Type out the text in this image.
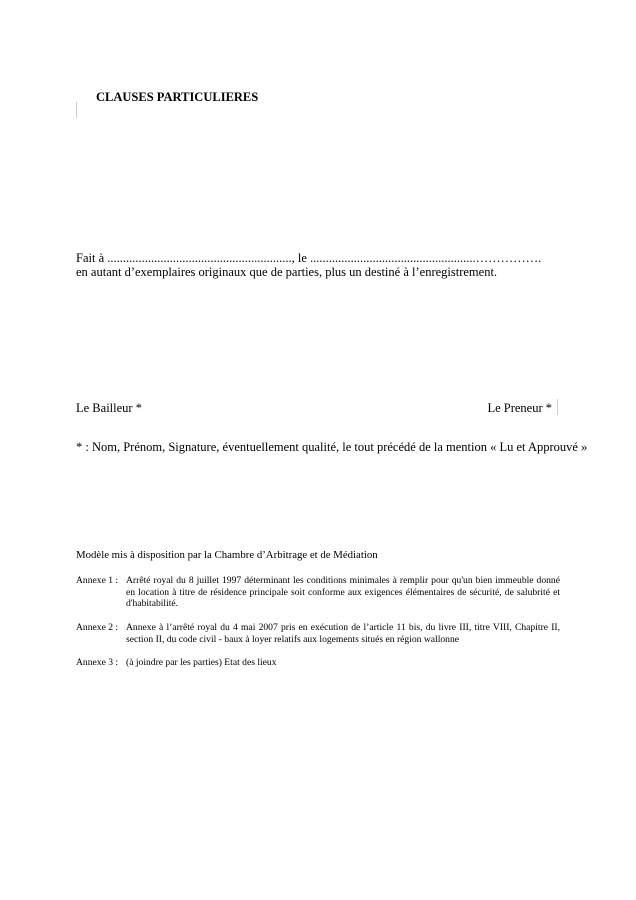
CLAUSES PARTICULIERES
Fait à ..........................................................., le .....................................................…………….
en autant d’exemplaires originaux que de parties, plus un destiné à l’enregistrement.
Le Bailleur *	Le Preneur *
* : Nom, Prénom, Signature, éventuellement qualité, le tout précédé de la mention « Lu et Approuvé »
Modèle mis à disposition par la Chambre d’Arbitrage et de Médiation
Annexe 1 : Arrêté royal du 8 juillet 1997 déterminant les conditions minimales à remplir pour qu'un bien immeuble donné en location à titre de résidence principale soit conforme aux exigences élémentaires de sécurité, de salubrité et d'habitabilité.
Annexe 2 : Annexe à l’arrêté royal du 4 mai 2007 pris en exécution de l’article 11 bis, du livre III, titre VIII, Chapitre II, section II, du code civil - baux à loyer relatifs aux logements situés en région wallonne
Annexe 3 : (à joindre par les parties) Etat des lieux
